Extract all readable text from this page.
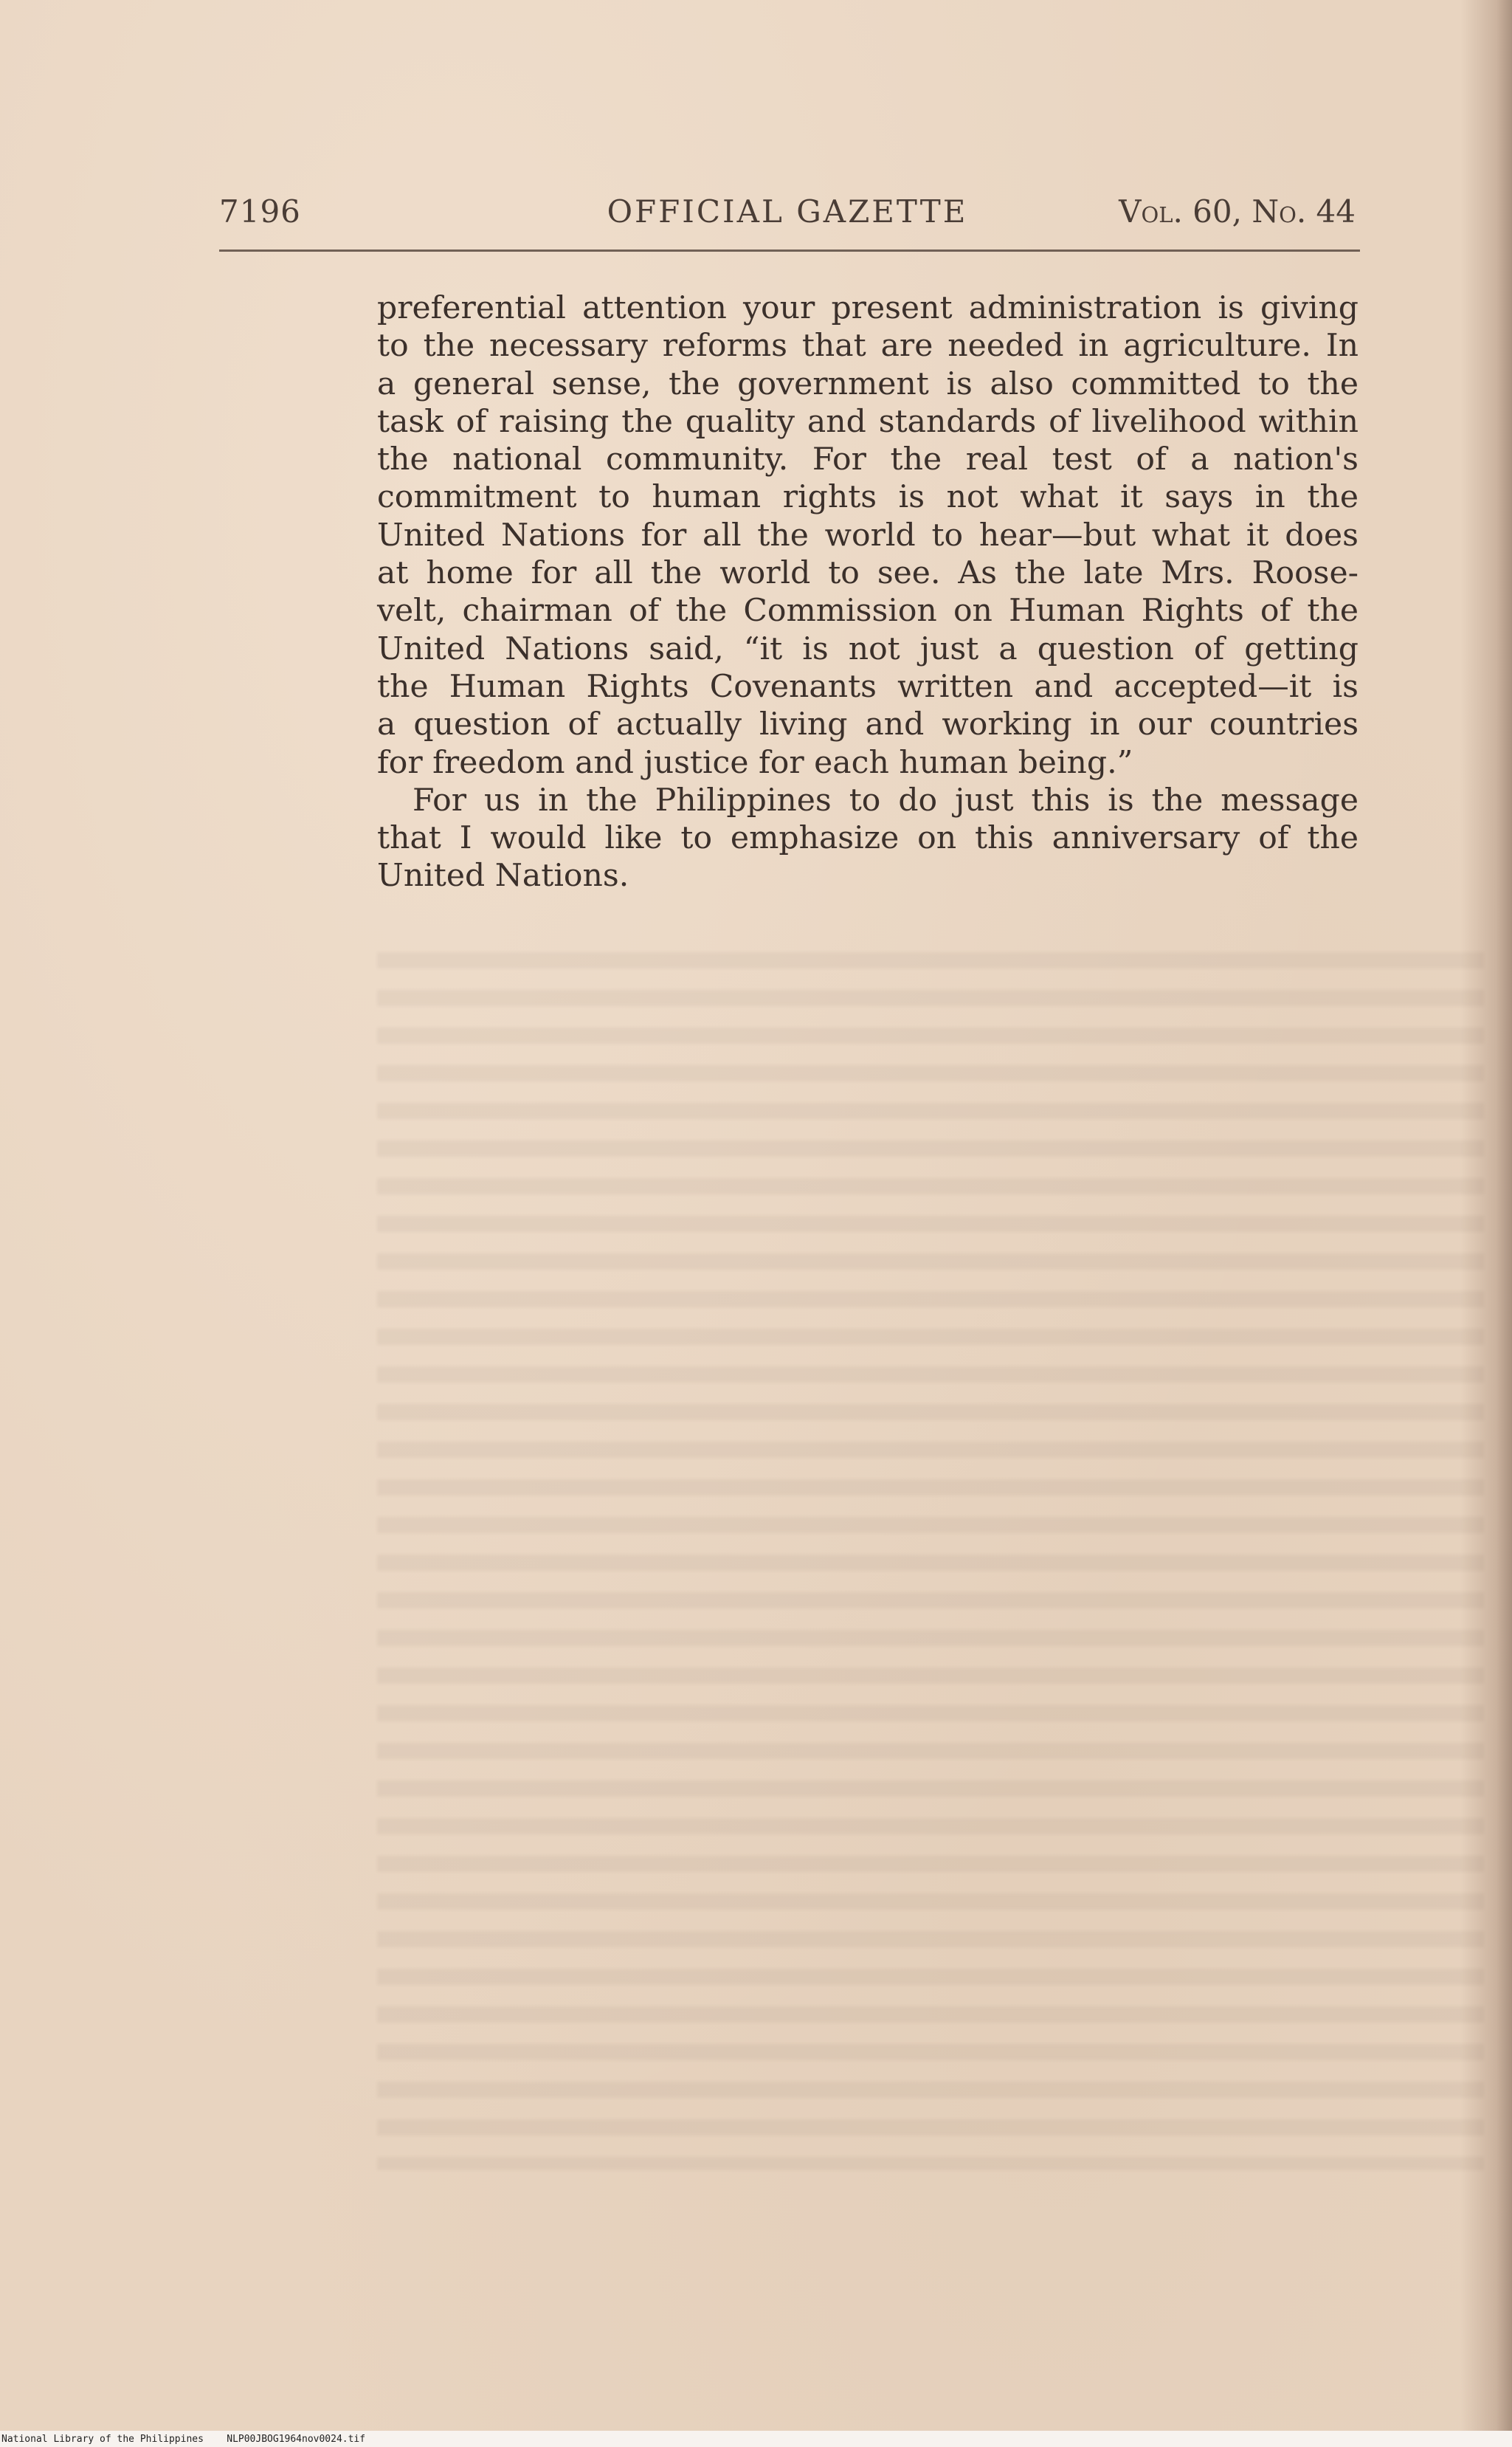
7196	OFFICIAL GAZETTE	Vol. 60, No. 44
preferential attention your present administration is giving
to the necessary reforms that are needed in agriculture. In
a general sense, the government is also committed to the
task of raising the quality and standards of livelihood within
the national community. For the real test of a nation's
commitment to human rights is not what it says in the
United Nations for all the world to hear—but what it does
at home for all the world to see. As the late Mrs. Roose-
velt, chairman of the Commission on Human Rights of the
United Nations said, “it is not just a question of getting
the Human Rights Covenants written and accepted—it is
a question of actually living and working in our countries
for freedom and justice for each human being.”
For us in the Philippines to do just this is the message
that I would like to emphasize on this anniversary of the
United Nations.
National Library of the Philippines NLP00JBOG1964nov0024.tif
